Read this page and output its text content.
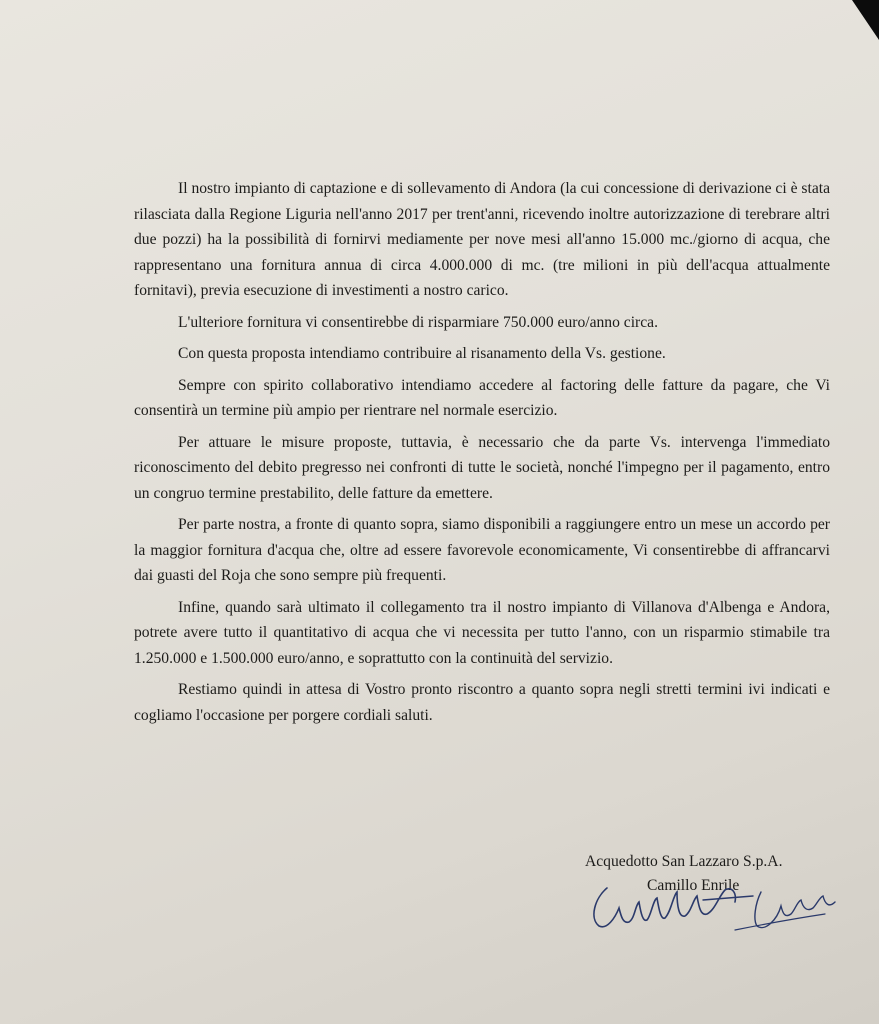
Il nostro impianto di captazione e di sollevamento di Andora (la cui concessione di derivazione ci è stata rilasciata dalla Regione Liguria nell'anno 2017 per trent'anni, ricevendo inoltre autorizzazione di terebrare altri due pozzi) ha la possibilità di fornirvi mediamente per nove mesi all'anno 15.000 mc./giorno di acqua, che rappresentano una fornitura annua di circa 4.000.000 di mc. (tre milioni in più dell'acqua attualmente fornitavi), previa esecuzione di investimenti a nostro carico.

L'ulteriore fornitura vi consentirebbe di risparmiare 750.000 euro/anno circa.

Con questa proposta intendiamo contribuire al risanamento della Vs. gestione.

Sempre con spirito collaborativo intendiamo accedere al factoring delle fatture da pagare, che Vi consentirà un termine più ampio per rientrare nel normale esercizio.

Per attuare le misure proposte, tuttavia, è necessario che da parte Vs. intervenga l'immediato riconoscimento del debito pregresso nei confronti di tutte le società, nonché l'impegno per il pagamento, entro un congruo termine prestabilito, delle fatture da emettere.

Per parte nostra, a fronte di quanto sopra, siamo disponibili a raggiungere entro un mese un accordo per la maggior fornitura d'acqua che, oltre ad essere favorevole economicamente, Vi consentirebbe di affrancarvi dai guasti del Roja che sono sempre più frequenti.

Infine, quando sarà ultimato il collegamento tra il nostro impianto di Villanova d'Albenga e Andora, potrete avere tutto il quantitativo di acqua che vi necessita per tutto l'anno, con un risparmio stimabile tra 1.250.000 e 1.500.000 euro/anno, e soprattutto con la continuità del servizio.

Restiamo quindi in attesa di Vostro pronto riscontro a quanto sopra negli stretti termini ivi indicati e cogliamo l'occasione per porgere cordiali saluti.

Acquedotto San Lazzaro S.p.A.
Camillo Enrile
